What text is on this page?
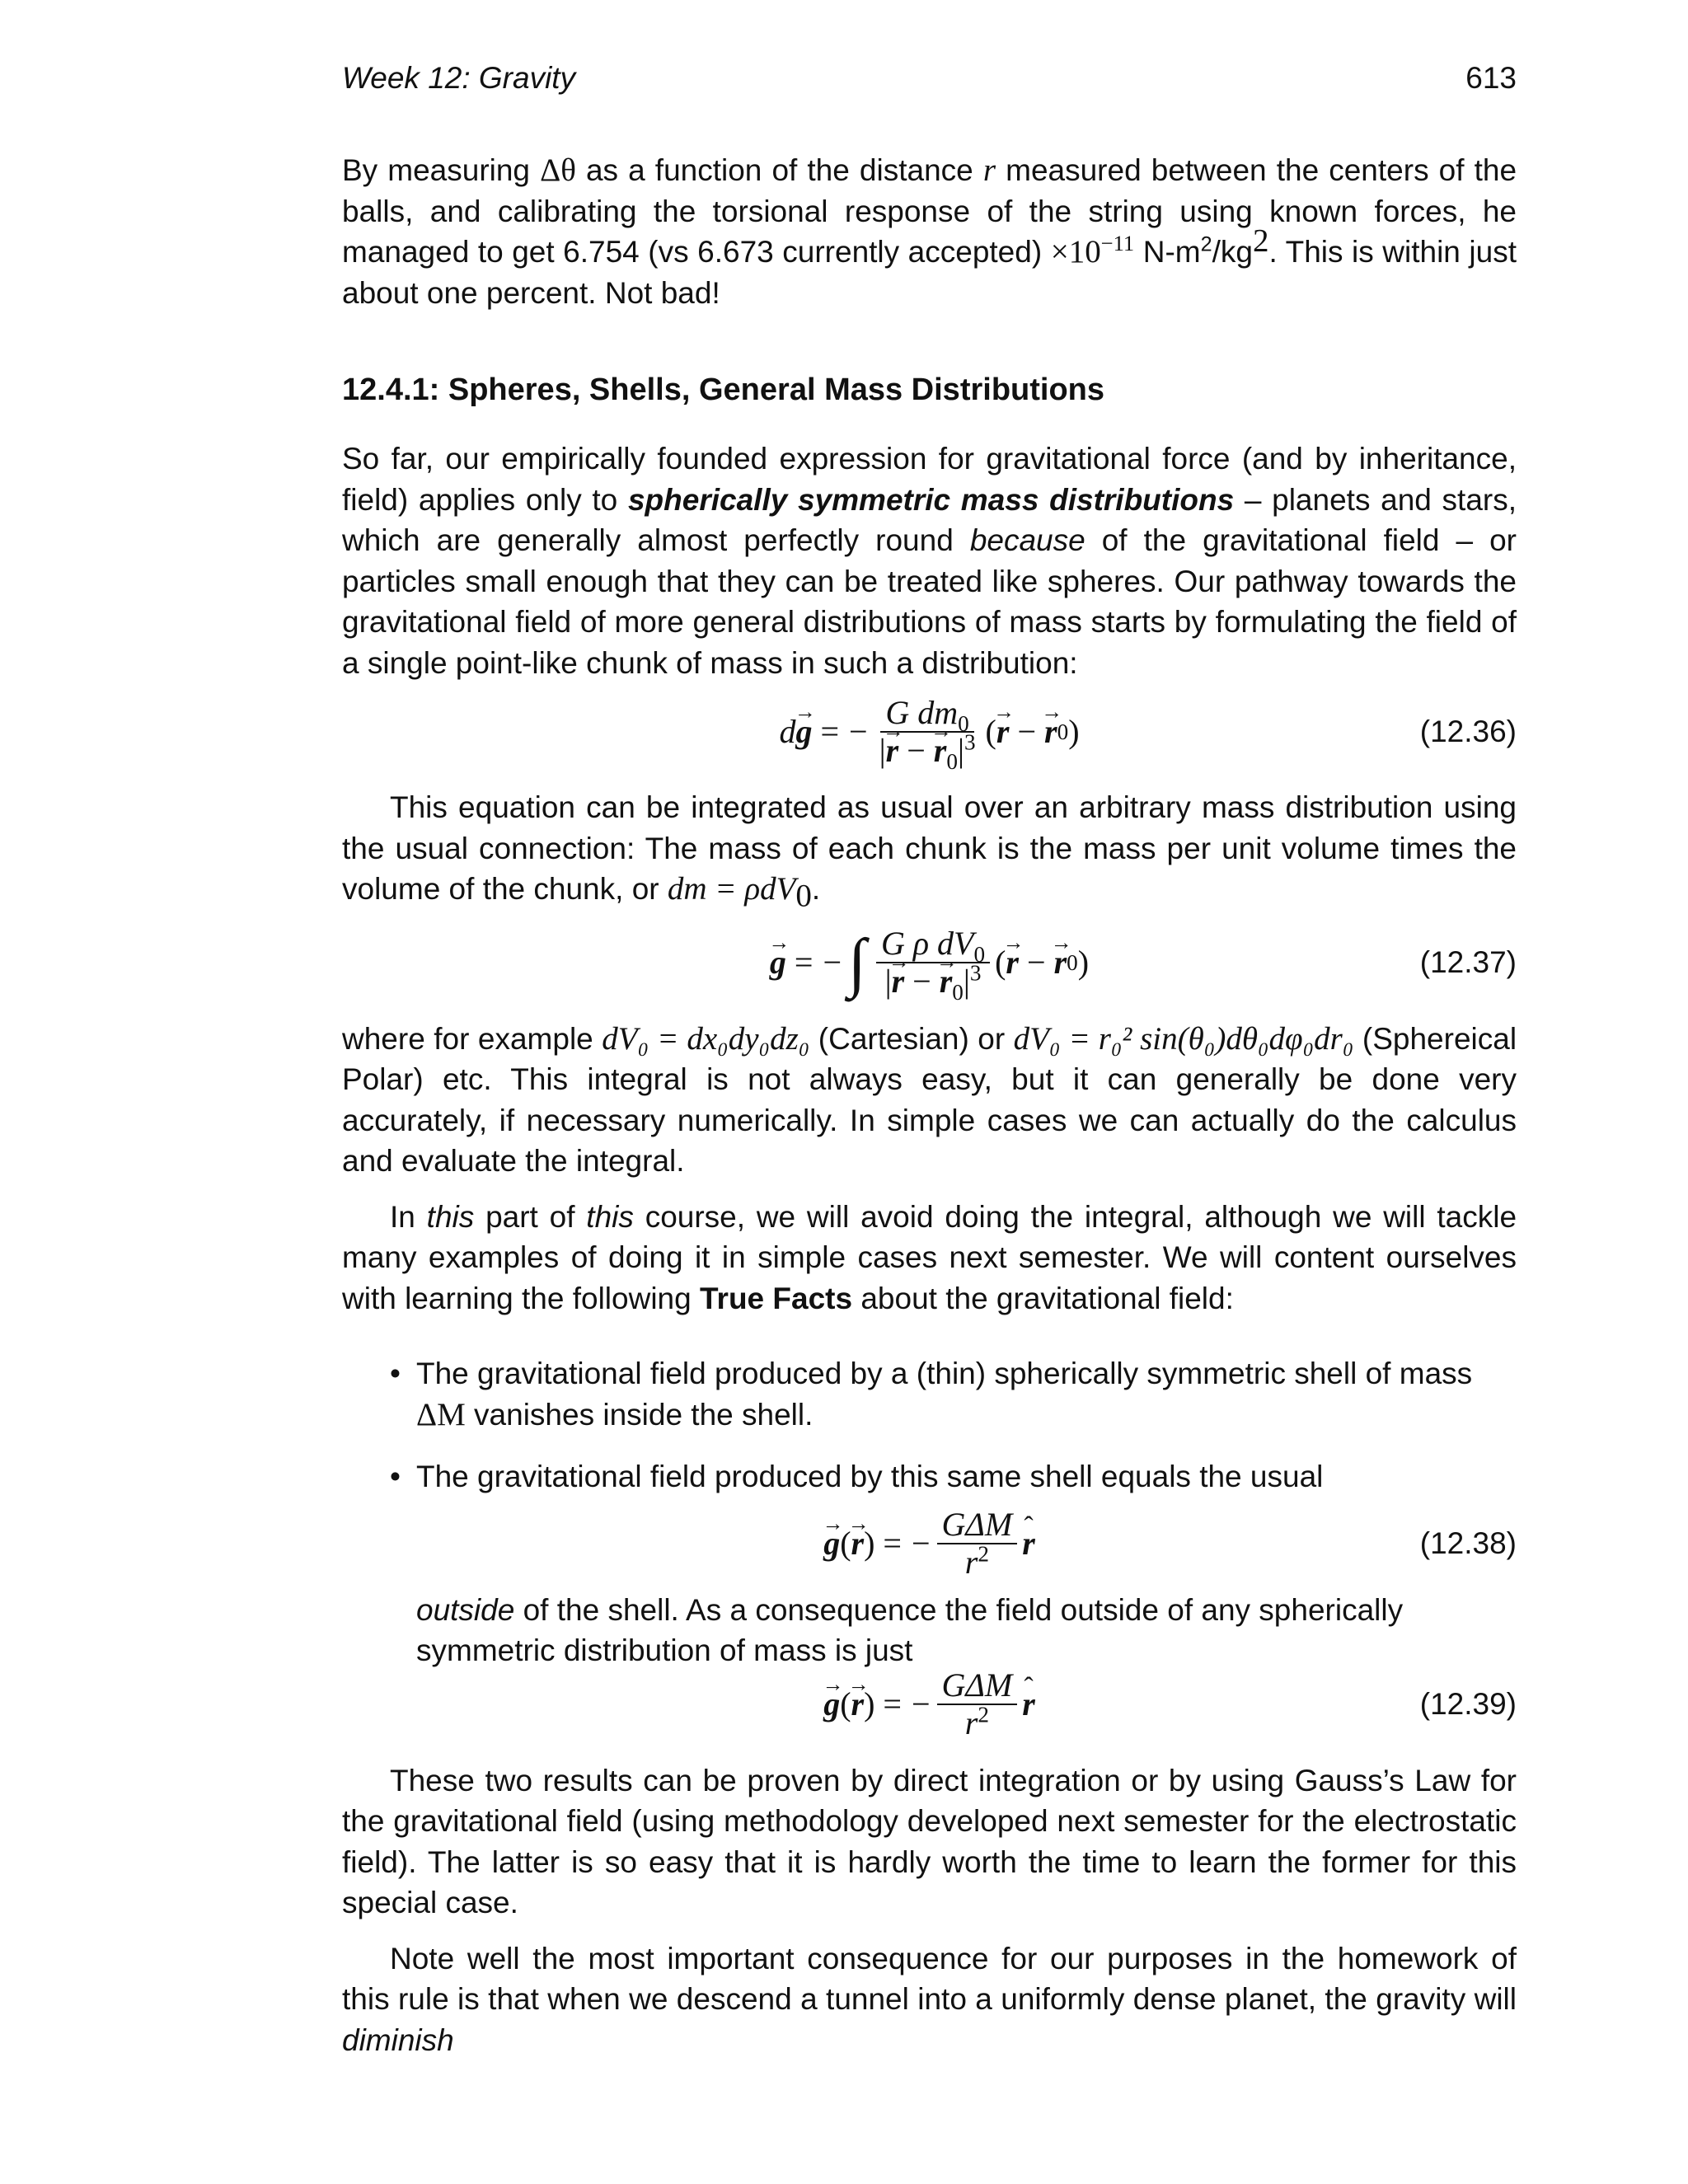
Week 12: Gravity	613

By measuring Δθ as a function of the distance r measured between the centers of the balls, and calibrating the torsional response of the string using known forces, he managed to get 6.754 (vs 6.673 currently accepted) $\times 10^{-11}$ $N-m^2/kg^2$. This is within just about one percent. Not bad!

12.4.1: Spheres, Shells, General Mass Distributions

So far, our empirically founded expression for gravitational force (and by inheritance, field) applies only to spherically symmetric mass distributions – planets and stars, which are generally almost perfectly round because of the gravitational field – or particles small enough that they can be treated like spheres. Our pathway towards the gravitational field of more general distributions of mass starts by formulating the field of a single point-like chunk of mass in such a distribution:

d g → = − $\frac{G dm_0}{|r \to - r \to_0|^3}$ ( r → − r → 0 )	(12.36)

This equation can be integrated as usual over an arbitrary mass distribution using the usual connection: The mass of each chunk is the mass per unit volume times the volume of the chunk, or dm = ρdV$_0$.

g → = − ∫ $\frac{G \rho dV_0}{|r \to - r \to_0|^3}$ ( r → − r → 0 )	(12.37)

where for example dV₀ = dx₀dy₀dz₀ (Cartesian) or dV₀ = r₀² sin(θ₀)dθ₀dφ₀dr₀ (Sphereical Polar) etc. This integral is not always easy, but it can generally be done very accurately, if necessary numerically. In simple cases we can actually do the calculus and evaluate the integral.

In this part of this course, we will avoid doing the integral, although we will tackle many examples of doing it in simple cases next semester. We will content ourselves with learning the following True Facts about the gravitational field:

• The gravitational field produced by a (thin) spherically symmetric shell of mass ΔM vanishes inside the shell.
• The gravitational field produced by this same shell equals the usual
g → ( r → ) = − $\frac{\text{GΔM}}{r^2}$ r ˆ	(12.38)
outside of the shell. As a consequence the field outside of any spherically symmetric distribution of mass is just
g → ( r → ) = − $\frac{\text{GΔM}}{r^2}$ r ˆ	(12.39)

These two results can be proven by direct integration or by using Gauss’s Law for the gravitational field (using methodology developed next semester for the electrostatic field). The latter is so easy that it is hardly worth the time to learn the former for this special case.

Note well the most important consequence for our purposes in the homework of this rule is that when we descend a tunnel into a uniformly dense planet, the gravity will diminish
